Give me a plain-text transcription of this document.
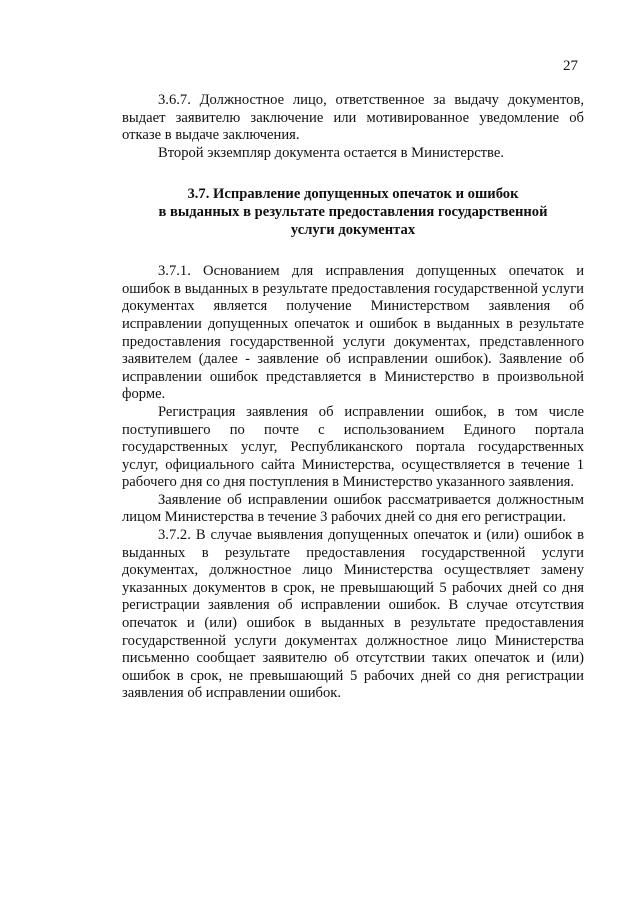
27

3.6.7. Должностное лицо, ответственное за выдачу документов, выдает заявителю заключение или мотивированное уведомление об отказе в выдаче заключения.

Второй экземпляр документа остается в Министерстве.

3.7. Исправление допущенных опечаток и ошибок
в выданных в результате предоставления государственной
услуги документах

3.7.1. Основанием для исправления допущенных опечаток и ошибок в выданных в результате предоставления государственной услуги документах является получение Министерством заявления об исправлении допущенных опечаток и ошибок в выданных в результате предоставления государственной услуги документах, представленного заявителем (далее - заявление об исправлении ошибок). Заявление об исправлении ошибок представляется в Министерство в произвольной форме.

Регистрация заявления об исправлении ошибок, в том числе поступившего по почте с использованием Единого портала государственных услуг, Республиканского портала государственных услуг, официального сайта Министерства, осуществляется в течение 1 рабочего дня со дня поступления в Министерство указанного заявления.

Заявление об исправлении ошибок рассматривается должностным лицом Министерства в течение 3 рабочих дней со дня его регистрации.

3.7.2. В случае выявления допущенных опечаток и (или) ошибок в выданных в результате предоставления государственной услуги документах, должностное лицо Министерства осуществляет замену указанных документов в срок, не превышающий 5 рабочих дней со дня регистрации заявления об исправлении ошибок. В случае отсутствия опечаток и (или) ошибок в выданных в результате предоставления государственной услуги документах должностное лицо Министерства письменно сообщает заявителю об отсутствии таких опечаток и (или) ошибок в срок, не превышающий 5 рабочих дней со дня регистрации заявления об исправлении ошибок.
